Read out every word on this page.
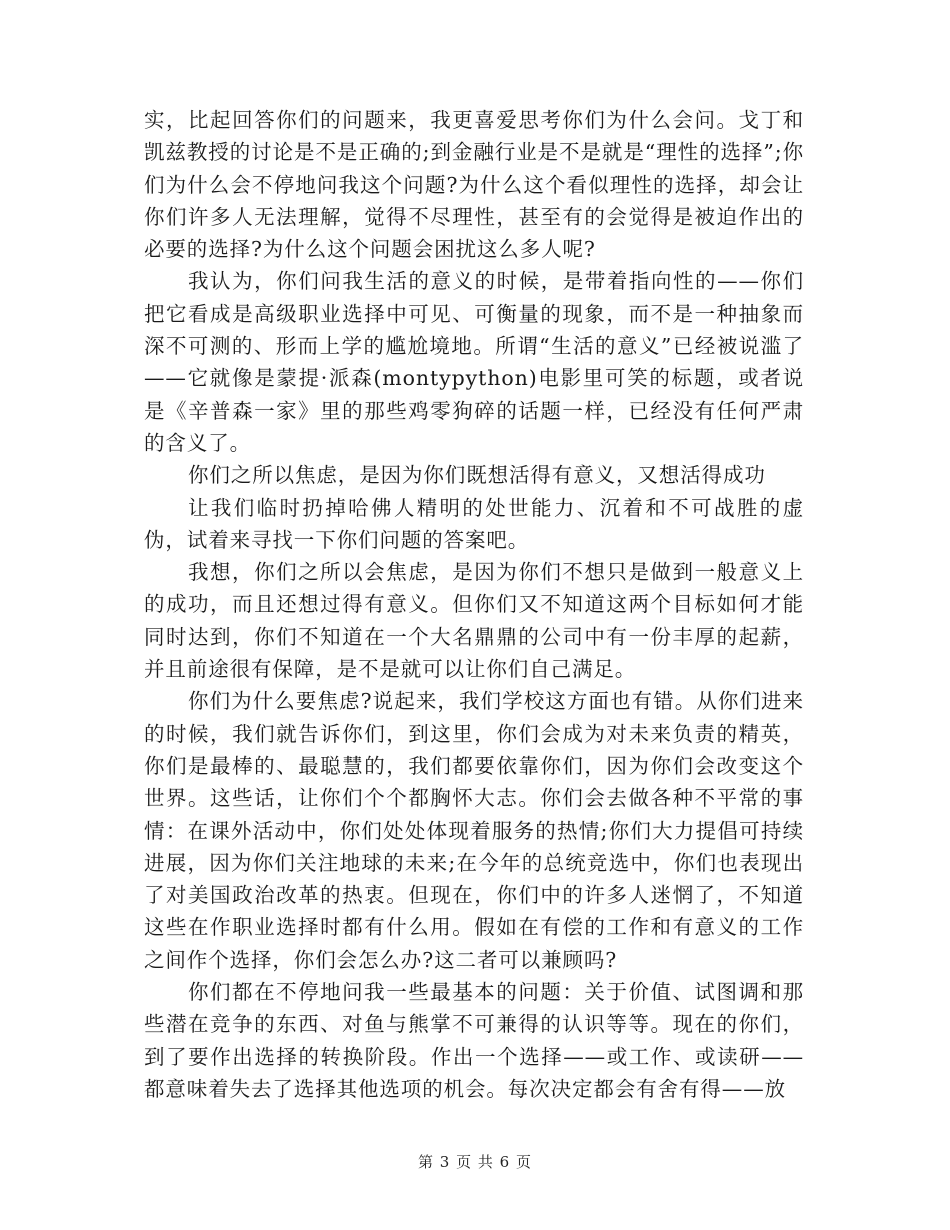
实，比起回答你们的问题来，我更喜爱思考你们为什么会问。戈丁和凯兹教授的讨论是不是正确的;到金融行业是不是就是“理性的选择”;你们为什么会不停地问我这个问题?为什么这个看似理性的选择，却会让你们许多人无法理解，觉得不尽理性，甚至有的会觉得是被迫作出的必要的选择?为什么这个问题会困扰这么多人呢?

我认为，你们问我生活的意义的时候，是带着指向性的——你们把它看成是高级职业选择中可见、可衡量的现象，而不是一种抽象而深不可测的、形而上学的尴尬境地。所谓“生活的意义”已经被说滥了——它就像是蒙提·派森(montypython)电影里可笑的标题，或者说是《辛普森一家》里的那些鸡零狗碎的话题一样，已经没有任何严肃的含义了。

你们之所以焦虑，是因为你们既想活得有意义，又想活得成功

让我们临时扔掉哈佛人精明的处世能力、沉着和不可战胜的虚伪，试着来寻找一下你们问题的答案吧。

我想，你们之所以会焦虑，是因为你们不想只是做到一般意义上的成功，而且还想过得有意义。但你们又不知道这两个目标如何才能同时达到，你们不知道在一个大名鼎鼎的公司中有一份丰厚的起薪，并且前途很有保障，是不是就可以让你们自己满足。

你们为什么要焦虑?说起来，我们学校这方面也有错。从你们进来的时候，我们就告诉你们，到这里，你们会成为对未来负责的精英，你们是最棒的、最聪慧的，我们都要依靠你们，因为你们会改变这个世界。这些话，让你们个个都胸怀大志。你们会去做各种不平常的事情：在课外活动中，你们处处体现着服务的热情;你们大力提倡可持续进展，因为你们关注地球的未来;在今年的总统竞选中，你们也表现出了对美国政治改革的热衷。但现在，你们中的许多人迷惘了，不知道这些在作职业选择时都有什么用。假如在有偿的工作和有意义的工作之间作个选择，你们会怎么办?这二者可以兼顾吗?

你们都在不停地问我一些最基本的问题：关于价值、试图调和那些潜在竞争的东西、对鱼与熊掌不可兼得的认识等等。现在的你们，到了要作出选择的转换阶段。作出一个选择——或工作、或读研——都意味着失去了选择其他选项的机会。每次决定都会有舍有得——放

第 3 页 共 6 页
